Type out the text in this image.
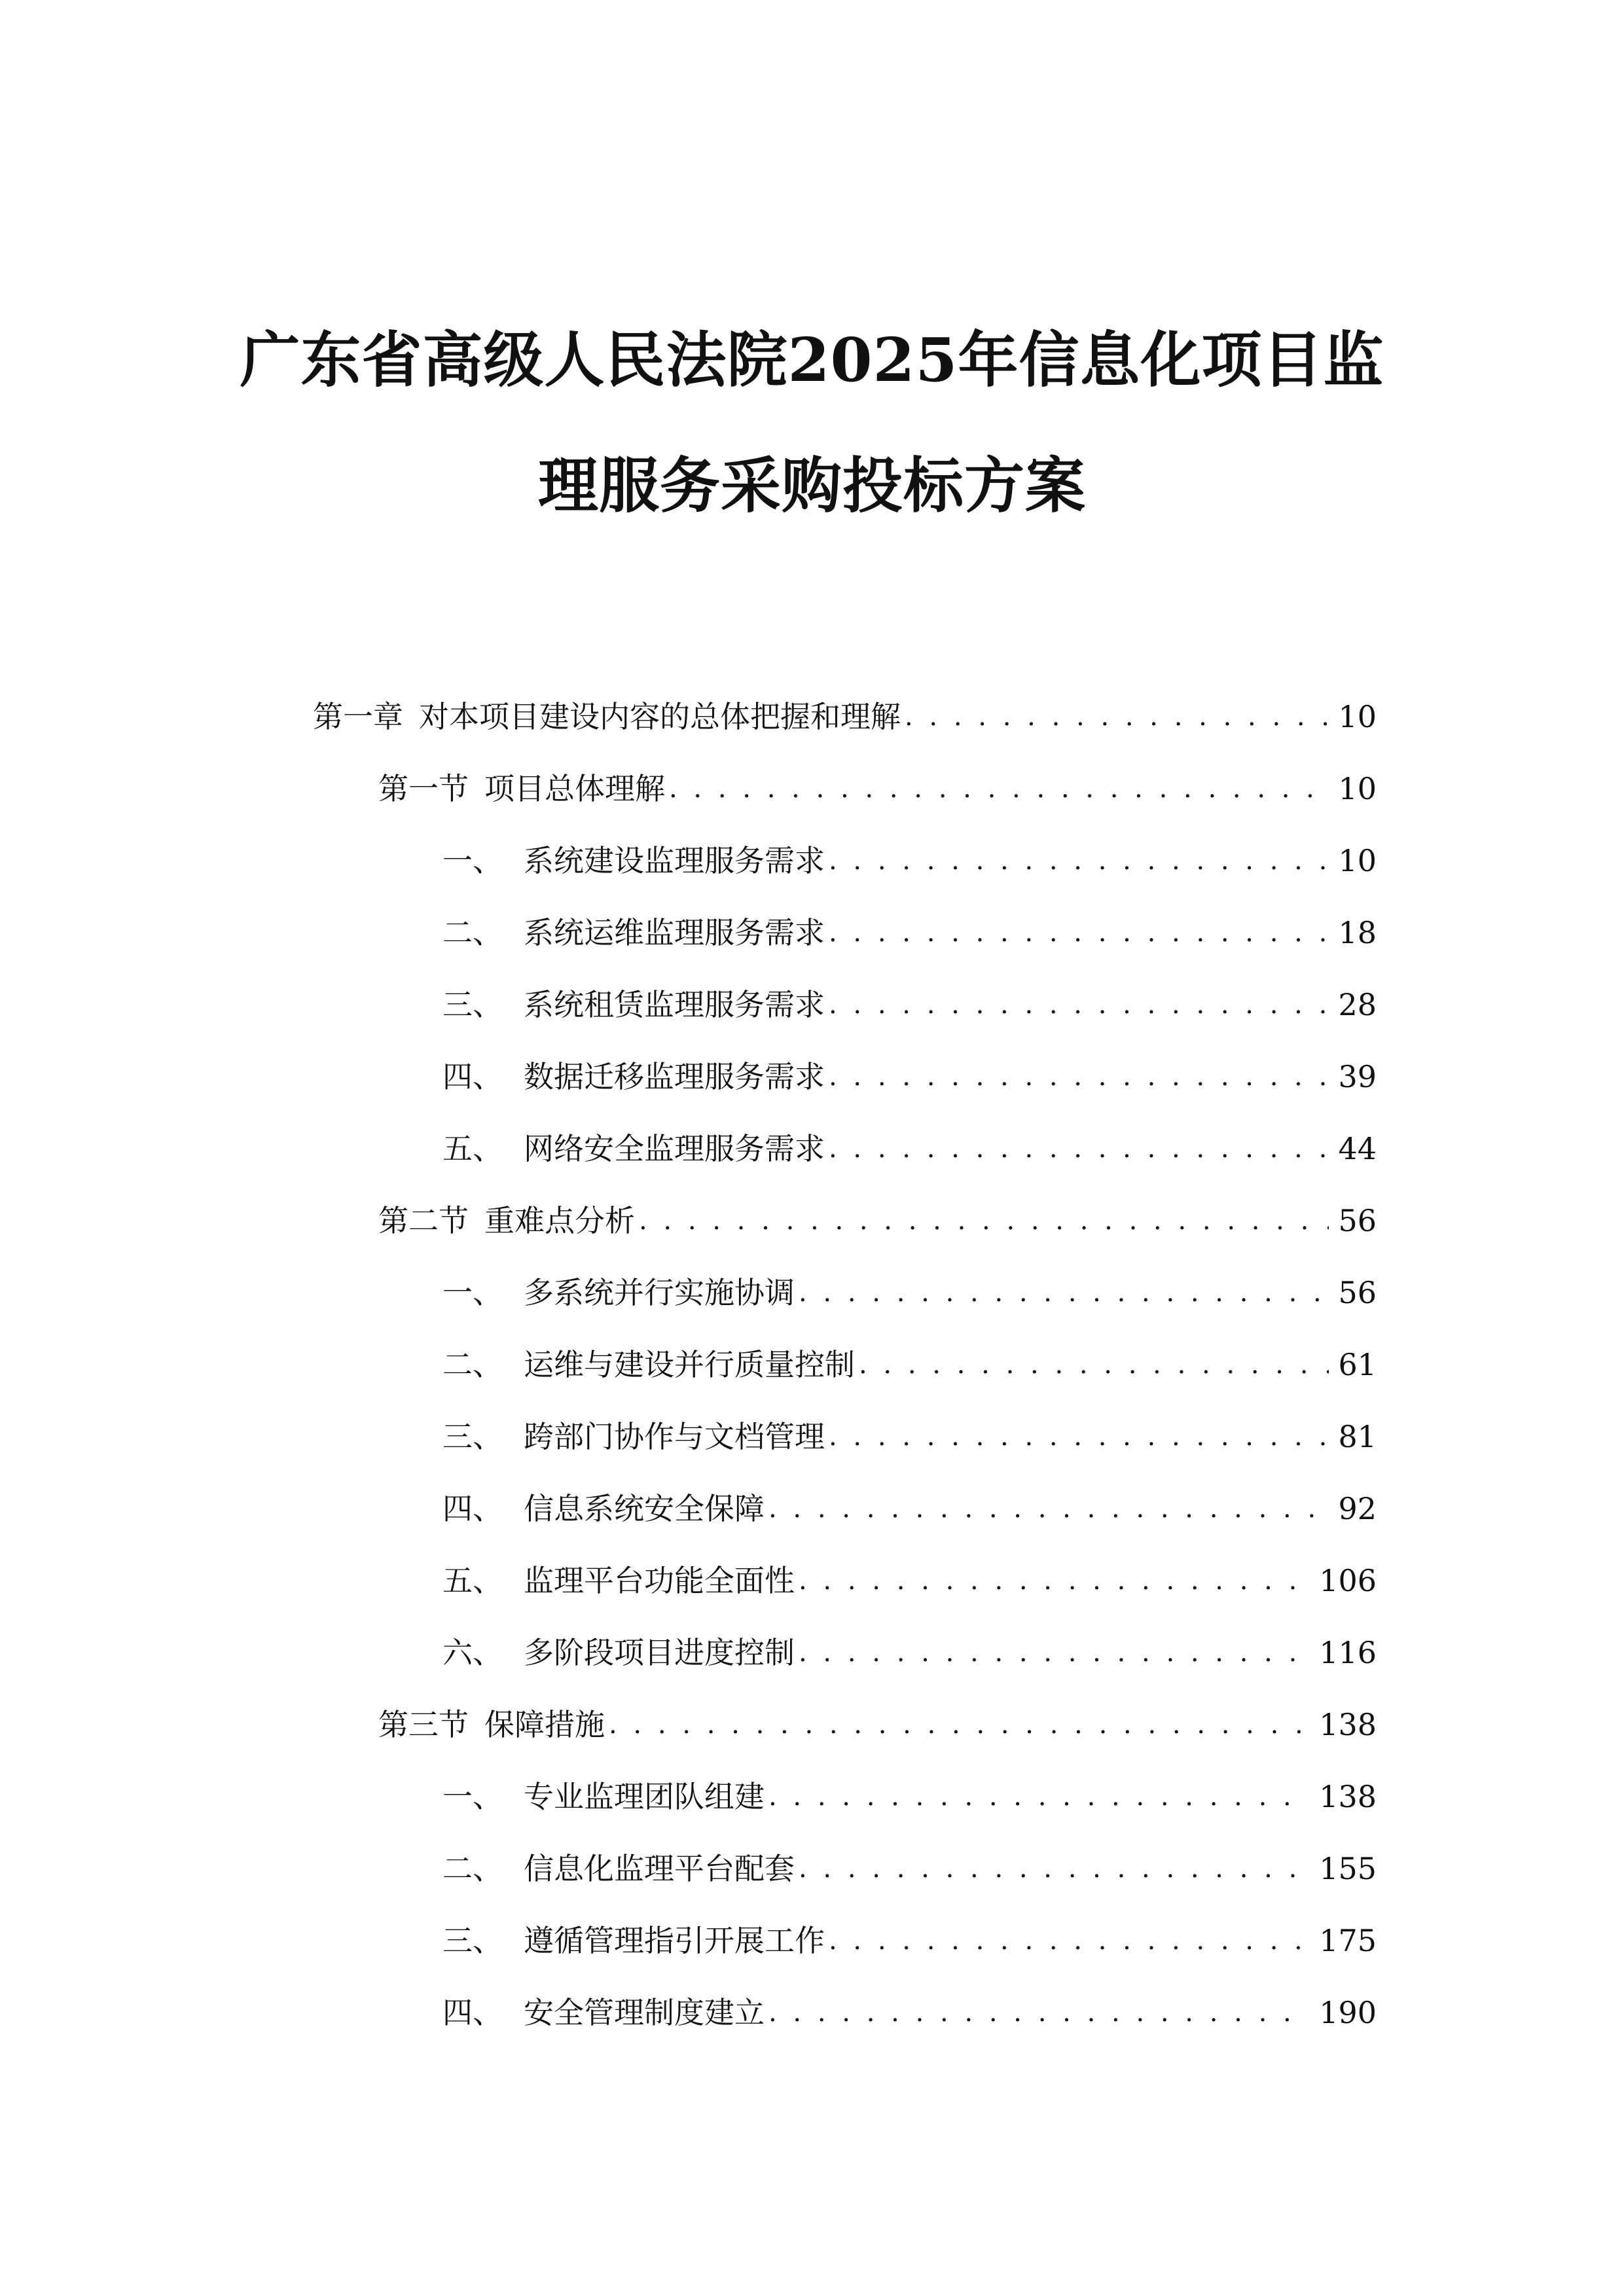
广东省高级人民法院2025年信息化项目监
理服务采购投标方案
第一章 对本项目建设内容的总体把握和理解 . . .	10
第一节 项目总体理解 . . .	10
一、 系统建设监理服务需求 . . .	10
二、 系统运维监理服务需求 . . .	18
三、 系统租赁监理服务需求 . . .	28
四、 数据迁移监理服务需求 . . .	39
五、 网络安全监理服务需求 . . .	44
第二节 重难点分析 . . .	56
一、 多系统并行实施协调 . . .	56
二、 运维与建设并行质量控制 . . .	61
三、 跨部门协作与文档管理 . . .	81
四、 信息系统安全保障 . . .	92
五、 监理平台功能全面性 . . .	106
六、 多阶段项目进度控制 . . .	116
第三节 保障措施 . . .	138
一、 专业监理团队组建 . . .	138
二、 信息化监理平台配套 . . .	155
三、 遵循管理指引开展工作 . . .	175
四、 安全管理制度建立 . . .	190
